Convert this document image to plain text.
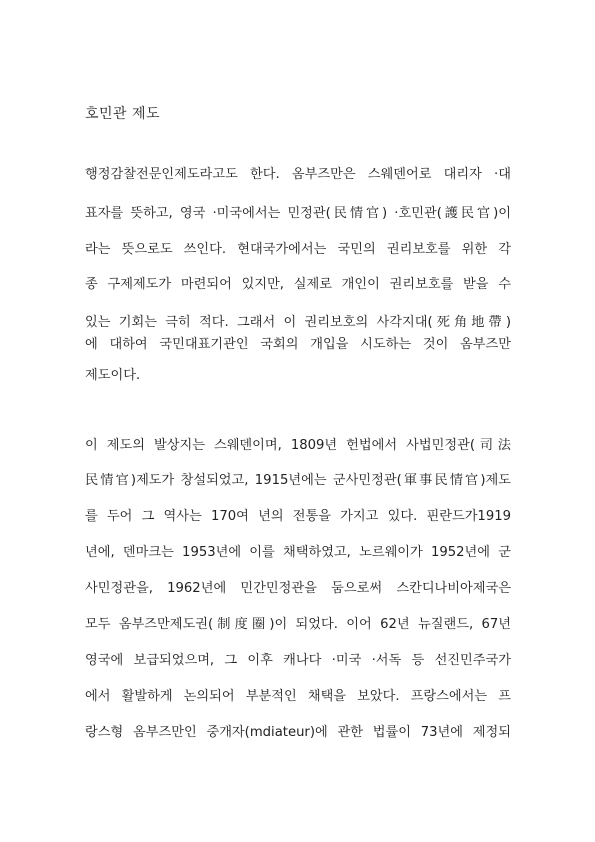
호민관 제도
행정감찰전문인제도라고도 한다. 옴부즈만은 스웨덴어로 대리자 ·대
표자를 뜻하고, 영국 ·미국에서는 민정관(民情官) ·호민관(護民官)이
라는 뜻으로도 쓰인다. 현대국가에서는 국민의 권리보호를 위한 각
종 구제제도가 마련되어 있지만, 실제로 개인이 권리보호를 받을 수
있는 기회는 극히 적다. 그래서 이 권리보호의 사각지대(死角地帶)
에 대하여 국민대표기관인 국회의 개입을 시도하는 것이 옴부즈만
제도이다.
이 제도의 발상지는 스웨덴이며, 1809년 헌법에서 사법민정관(司法
民情官)제도가 창설되었고, 1915년에는 군사민정관(軍事民情官)제도
를 두어 그 역사는 170여 년의 전통을 가지고 있다. 핀란드가1919
년에, 덴마크는 1953년에 이를 채택하였고, 노르웨이가 1952년에 군
사민정관을, 1962년에 민간민정관을 둠으로써 스칸디나비아제국은
모두 옴부즈만제도권(制度圈)이 되었다. 이어 62년 뉴질랜드, 67년
영국에 보급되었으며, 그 이후 캐나다 ·미국 ·서독 등 선진민주국가
에서 활발하게 논의되어 부분적인 채택을 보았다. 프랑스에서는 프
랑스형 옴부즈만인 중개자(mdiateur)에 관한 법률이 73년에 제정되
